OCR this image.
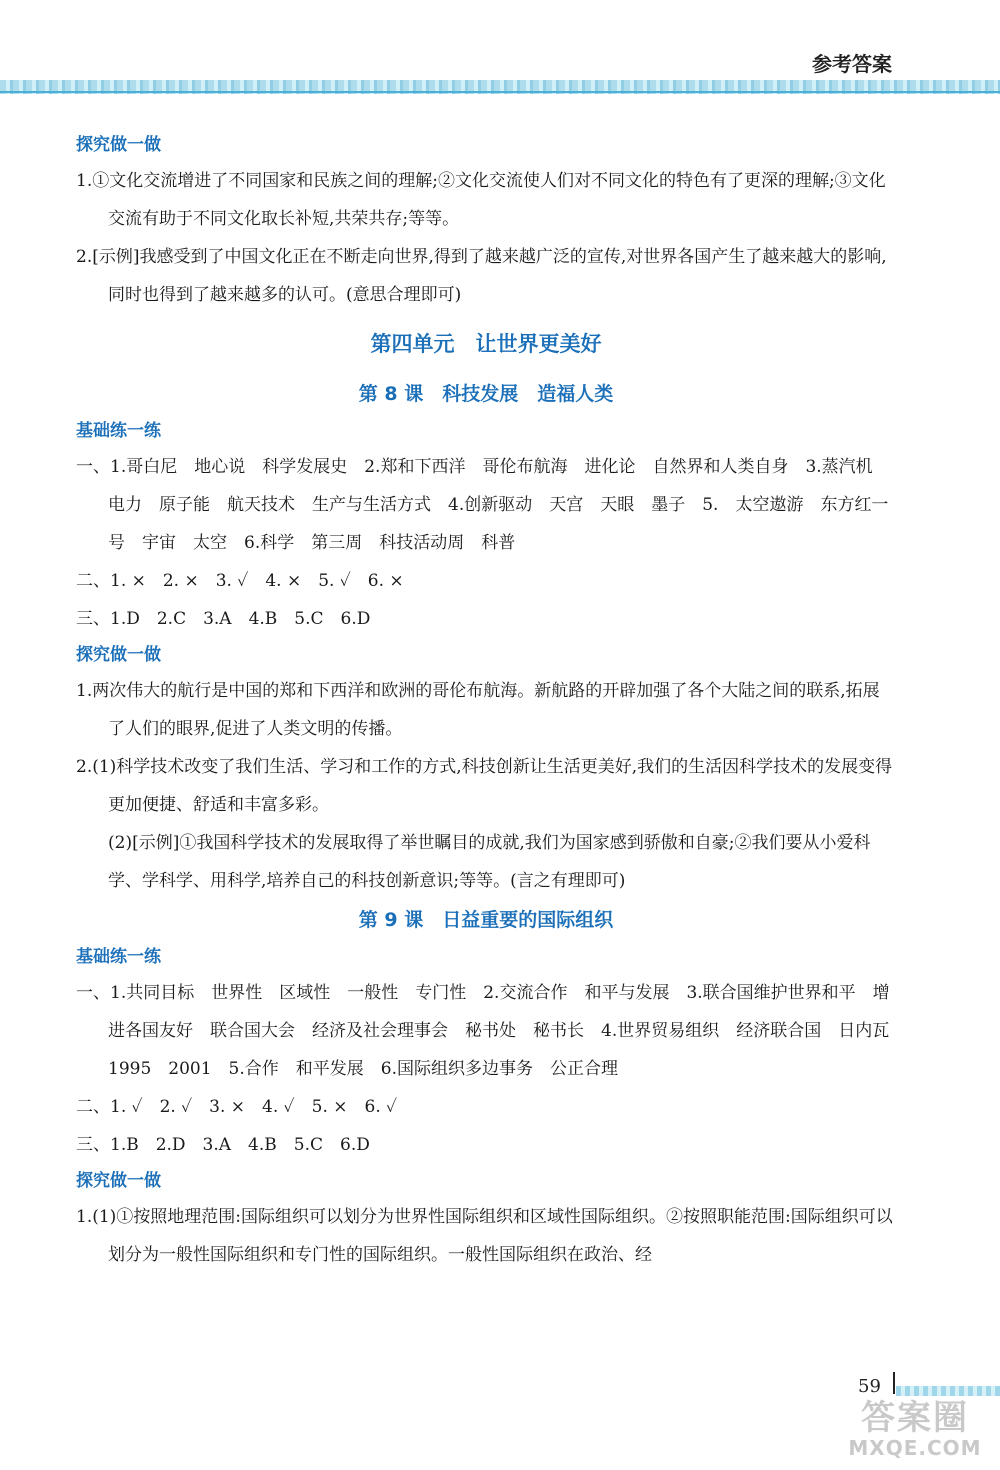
参考答案
探究做一做

1.①文化交流增进了不同国家和民族之间的理解;②文化交流使人们对不同文化的特色有了更深的理解;③文化交流有助于不同文化取长补短,共荣共存;等等。

2.[示例]我感受到了中国文化正在不断走向世界,得到了越来越广泛的宣传,对世界各国产生了越来越大的影响,同时也得到了越来越多的认可。(意思合理即可)

第四单元　让世界更美好
第 8 课　科技发展　造福人类
基础练一练

一、1.哥白尼　地心说　科学发展史　2.郑和下西洋　哥伦布航海　进化论　自然界和人类自身　3.蒸汽机　电力　原子能　航天技术　生产与生活方式　4.创新驱动　天宫　天眼　墨子　5.　太空遨游　东方红一号　宇宙　太空　6.科学　第三周　科技活动周　科普

二、1. ×　2. ×　3. ✓　4. ×　5. ✓　6. ×

三、1.D　2.C　3.A　4.B　5.C　6.D

探究做一做

1.两次伟大的航行是中国的郑和下西洋和欧洲的哥伦布航海。新航路的开辟加强了各个大陆之间的联系,拓展了人们的眼界,促进了人类文明的传播。

2.(1)科学技术改变了我们生活、学习和工作的方式,科技创新让生活更美好,我们的生活因科学技术的发展变得更加便捷、舒适和丰富多彩。

(2)[示例]①我国科学技术的发展取得了举世瞩目的成就,我们为国家感到骄傲和自豪;②我们要从小爱科学、学科学、用科学,培养自己的科技创新意识;等等。(言之有理即可)

第 9 课　日益重要的国际组织
基础练一练

一、1.共同目标　世界性　区域性　一般性　专门性　2.交流合作　和平与发展　3.联合国维护世界和平　增进各国友好　联合国大会　经济及社会理事会　秘书处　秘书长　4.世界贸易组织　经济联合国　日内瓦　1995　2001　5.合作　和平发展　6.国际组织多边事务　公正合理

二、1. ✓　2. ✓　3. ×　4. ✓　5. ×　6. ✓

三、1.B　2.D　3.A　4.B　5.C　6.D

探究做一做

1.(1)①按照地理范围:国际组织可以划分为世界性国际组织和区域性国际组织。②按照职能范围:国际组织可以划分为一般性国际组织和专门性的国际组织。一般性国际组织在政治、经

59
答案圈
MXQE.COM
